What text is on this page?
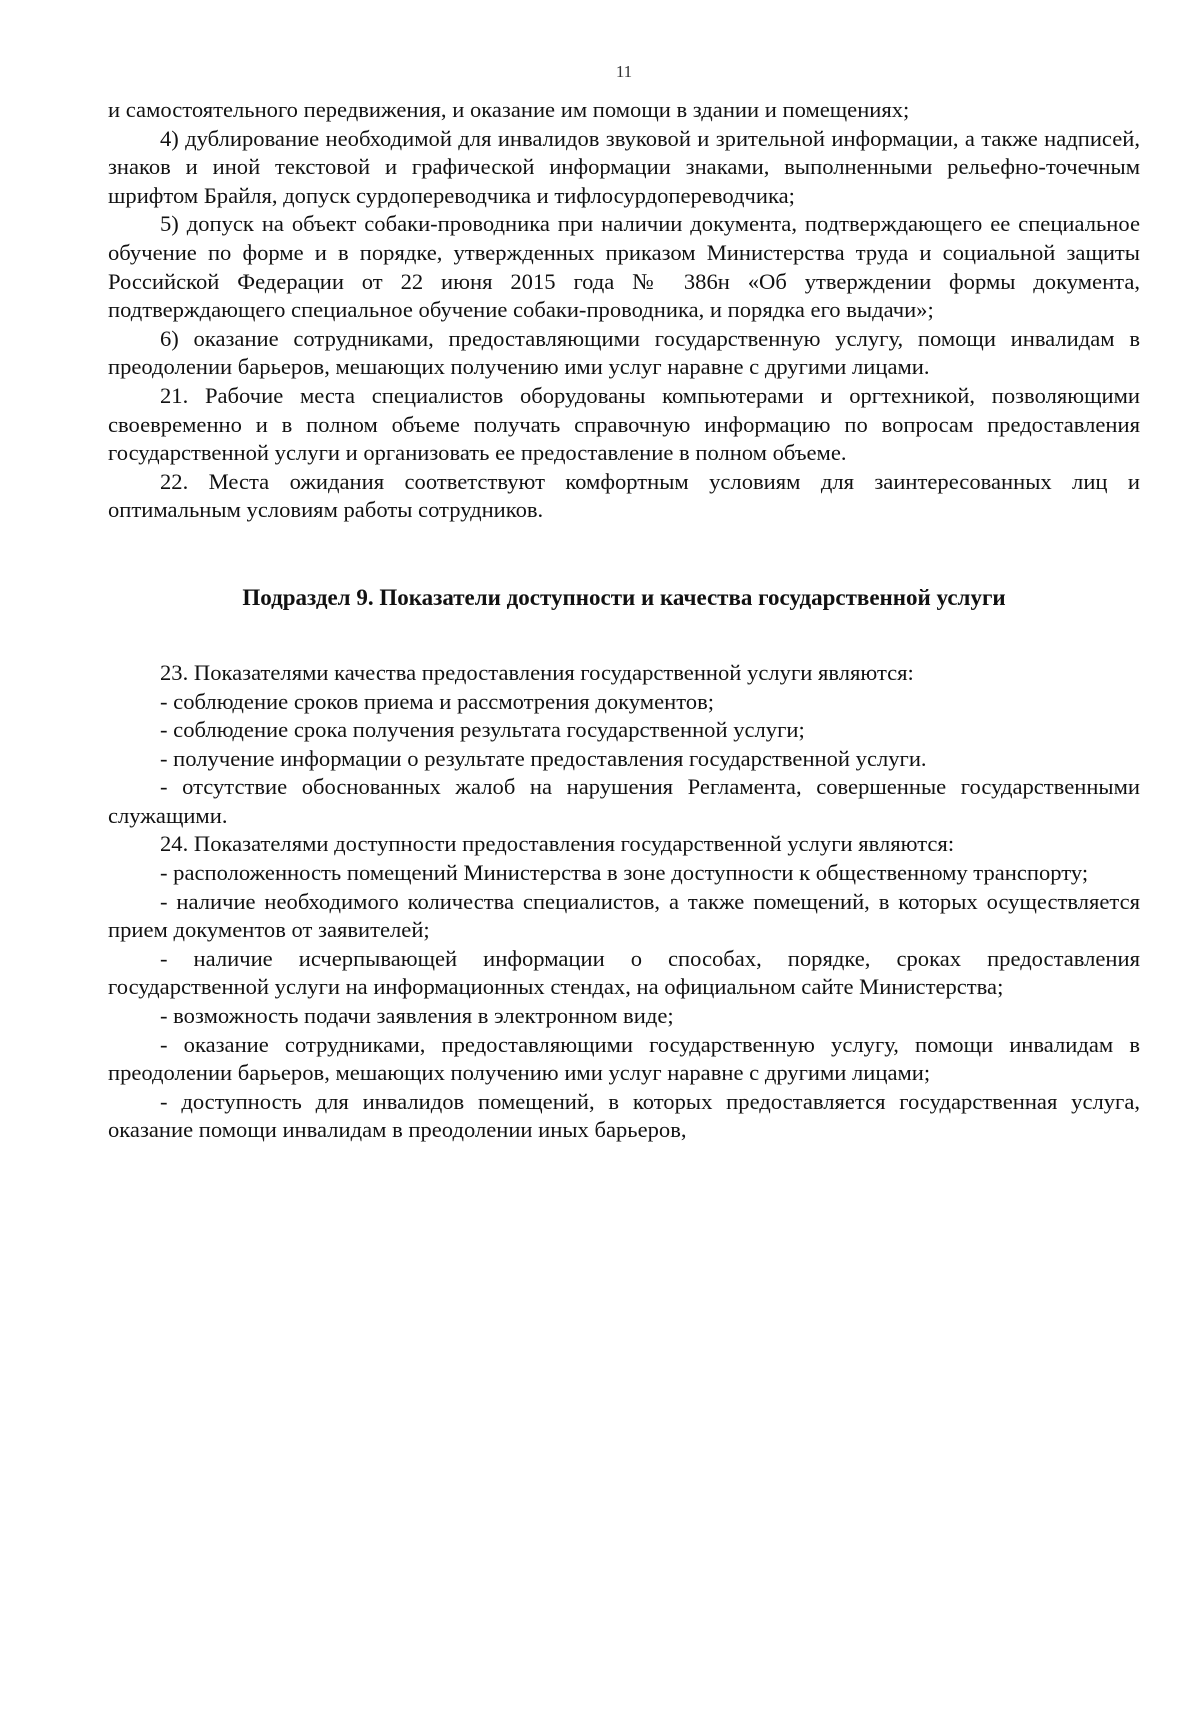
11

и самостоятельного передвижения, и оказание им помощи в здании и помещениях;

4) дублирование необходимой для инвалидов звуковой и зрительной информации, а также надписей, знаков и иной текстовой и графической информации знаками, выполненными рельефно-точечным шрифтом Брайля, допуск сурдопереводчика и тифлосурдопереводчика;

5) допуск на объект собаки-проводника при наличии документа, подтверждающего ее специальное обучение по форме и в порядке, утвержденных приказом Министерства труда и социальной защиты Российской Федерации от 22 июня 2015 года № 386н «Об утверждении формы документа, подтверждающего специальное обучение собаки-проводника, и порядка его выдачи»;

6) оказание сотрудниками, предоставляющими государственную услугу, помощи инвалидам в преодолении барьеров, мешающих получению ими услуг наравне с другими лицами.

21. Рабочие места специалистов оборудованы компьютерами и оргтехникой, позволяющими своевременно и в полном объеме получать справочную информацию по вопросам предоставления государственной услуги и организовать ее предоставление в полном объеме.

22. Места ожидания соответствуют комфортным условиям для заинтересованных лиц и оптимальным условиям работы сотрудников.

Подраздел 9. Показатели доступности и качества государственной услуги

23. Показателями качества предоставления государственной услуги являются:

- соблюдение сроков приема и рассмотрения документов;

- соблюдение срока получения результата государственной услуги;

- получение информации о результате предоставления государственной услуги.

- отсутствие обоснованных жалоб на нарушения Регламента, совершенные государственными служащими.

24. Показателями доступности предоставления государственной услуги являются:

- расположенность помещений Министерства в зоне доступности к общественному транспорту;

- наличие необходимого количества специалистов, а также помещений, в которых осуществляется прием документов от заявителей;

- наличие исчерпывающей информации о способах, порядке, сроках предоставления государственной услуги на информационных стендах, на официальном сайте Министерства;

- возможность подачи заявления в электронном виде;

- оказание сотрудниками, предоставляющими государственную услугу, помощи инвалидам в преодолении барьеров, мешающих получению ими услуг наравне с другими лицами;

- доступность для инвалидов помещений, в которых предоставляется государственная услуга, оказание помощи инвалидам в преодолении иных барьеров,
